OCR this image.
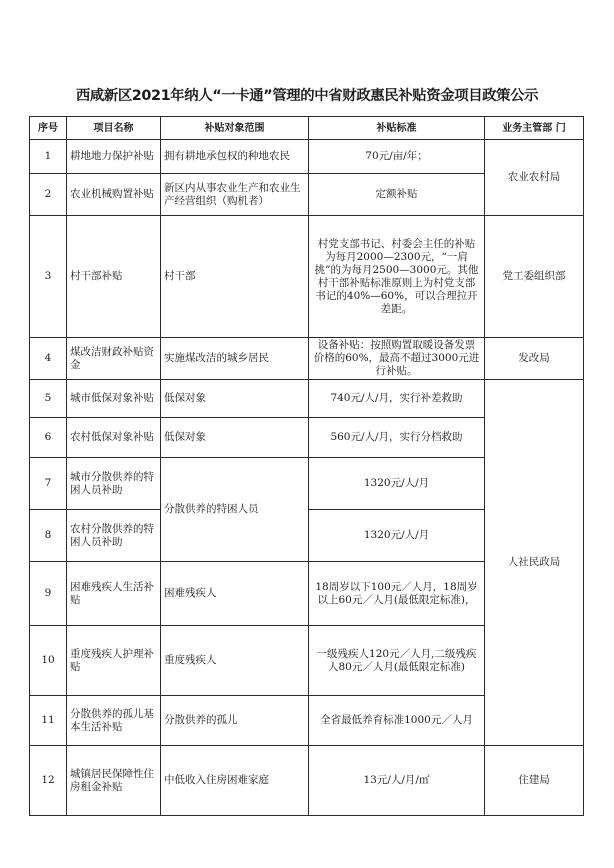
西咸新区2021年纳人“一卡通”管理的中省财政惠民补贴资金项目政策公示
序号	项目名称	补贴对象范围	补贴标准	业务主管部 门
1	耕地地力保护补贴	拥有耕地承包权的种地农民	70元/亩/年；	农业农村局
2	农业机械购置补贴	新区内从事农业生产和农业生产经营组织（购机者）	定额补贴	
3	村干部补贴	村干部	村党支部书记、村委会主任的补贴为每月2000—2300元，“一肩挑”的为每月2500—3000元。其他村干部补贴标准原则上为村党支部书记的40%—60%，可以合理拉开差距。	党工委组织部
4	煤改洁财政补贴资金	实施煤改洁的城乡居民	设备补贴：按照购置取暖设备发票价格的60%，最高不超过3000元进行补贴。	发改局
5	城市低保对象补贴	低保对象	740元/人/月，实行补差救助	人社民政局
6	农村低保对象补贴	低保对象	560元/人/月，实行分档救助	
7	城市分散供养的特困人员补助	分散供养的特困人员	1320元/人/月	
8	农村分散供养的特困人员补助		1320元/人/月	
9	困难残疾人生活补贴	困难残疾人	18周岁以下100元／人月，18周岁以上60元／人月(最低限定标准)，	
10	重度残疾人护理补贴	重度残疾人	一级残疾人120元／人月,二级残疾人80元／人月(最低限定标准)	
11	分散供养的孤儿基本生活补贴	分散供养的孤儿	全省最低养育标准1000元／人月	
12	城镇居民保障性住房租金补贴	中低收入住房困难家庭	13元/人/月/㎡	住建局
